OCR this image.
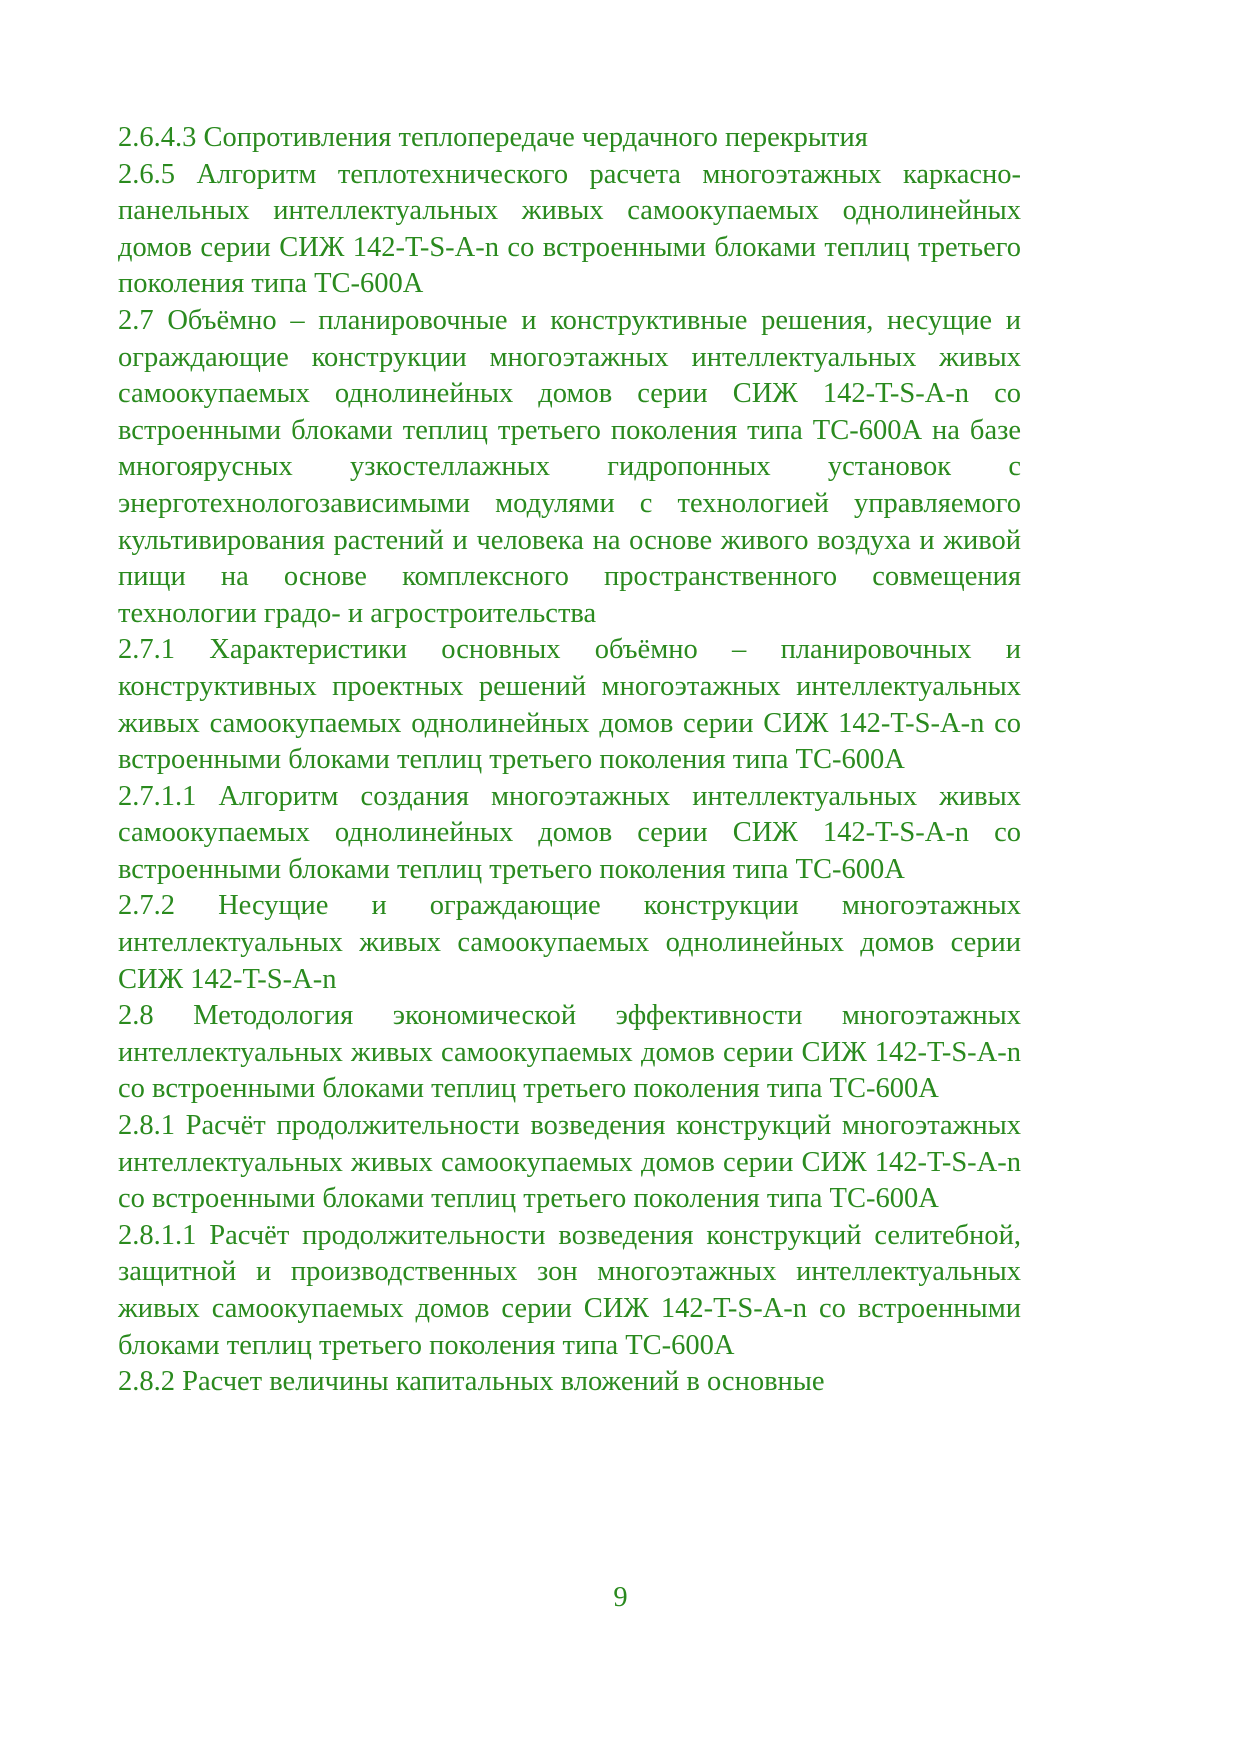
2.6.4.3 Сопротивления теплопередаче чердачного перекрытия

2.6.5 Алгоритм теплотехнического расчета многоэтажных каркасно-панельных интеллектуальных живых самоокупаемых однолинейных домов серии СИЖ 142-T-S-A-n со встроенными блоками теплиц третьего поколения типа ТС-600А

2.7 Объёмно – планировочные и конструктивные решения, несущие и ограждающие конструкции многоэтажных интеллектуальных живых самоокупаемых однолинейных домов серии СИЖ 142-T-S-A-n со встроенными блоками теплиц третьего поколения типа ТС-600А на базе многоярусных узкостеллажных гидропонных установок с энерготехнологозависимыми модулями с технологией управляемого культивирования растений и человека на основе живого воздуха и живой пищи на основе комплексного пространственного совмещения технологии градо- и агростроительства

2.7.1 Характеристики основных объёмно – планировочных и конструктивных проектных решений многоэтажных интеллектуальных живых самоокупаемых однолинейных домов серии СИЖ 142-T-S-A-n со встроенными блоками теплиц третьего поколения типа ТС-600А

2.7.1.1 Алгоритм создания многоэтажных интеллектуальных живых самоокупаемых однолинейных домов серии СИЖ 142-T-S-A-n со встроенными блоками теплиц третьего поколения типа ТС-600А

2.7.2 Несущие и ограждающие конструкции многоэтажных интеллектуальных живых самоокупаемых однолинейных домов серии СИЖ 142-T-S-A-n

2.8 Методология экономической эффективности многоэтажных интеллектуальных живых самоокупаемых домов серии СИЖ 142-T-S-A-n со встроенными блоками теплиц третьего поколения типа ТС-600А

2.8.1 Расчёт продолжительности возведения конструкций многоэтажных интеллектуальных живых самоокупаемых домов серии СИЖ 142-T-S-A-n со встроенными блоками теплиц третьего поколения типа ТС-600А

2.8.1.1 Расчёт продолжительности возведения конструкций селитебной, защитной и производственных зон многоэтажных интеллектуальных живых самоокупаемых домов серии СИЖ 142-T-S-A-n со встроенными блоками теплиц третьего поколения типа ТС-600А

2.8.2 Расчет величины капитальных вложений в основные

9
